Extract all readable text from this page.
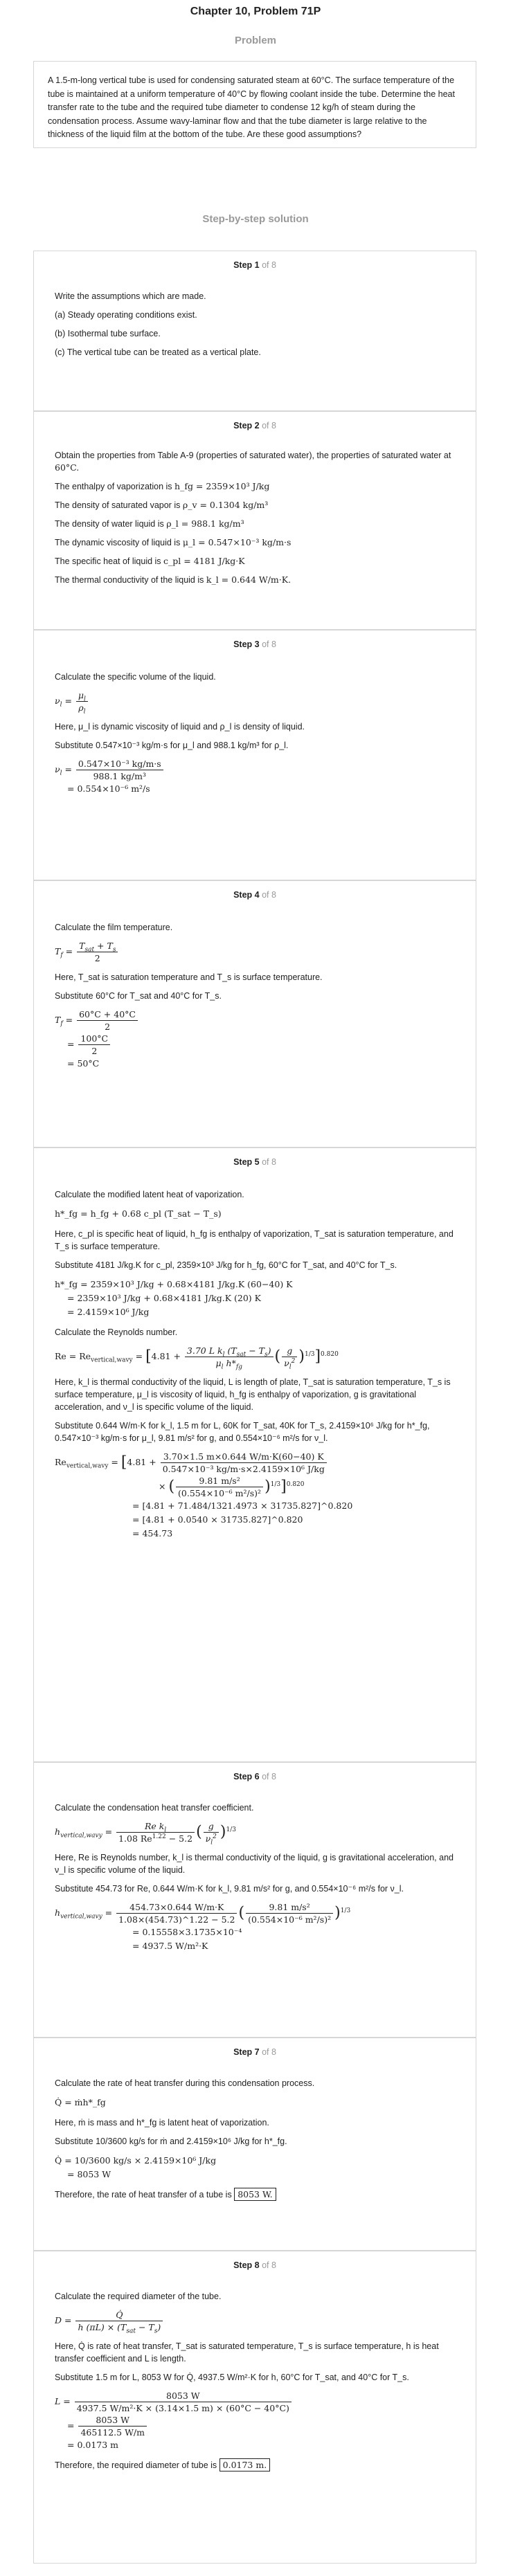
Chapter 10, Problem 71P
Problem
A 1.5-m-long vertical tube is used for condensing saturated steam at 60°C. The surface temperature of the tube is maintained at a uniform temperature of 40°C by flowing coolant inside the tube. Determine the heat transfer rate to the tube and the required tube diameter to condense 12 kg/h of steam during the condensation process. Assume wavy-laminar flow and that the tube diameter is large relative to the thickness of the liquid film at the bottom of the tube. Are these good assumptions?
Step-by-step solution
Step 1 of 8

Write the assumptions which are made.

(a) Steady operating conditions exist.

(b) Isothermal tube surface.

(c) The vertical tube can be treated as a vertical plate.

Step 2 of 8

Obtain the properties from Table A-9 (properties of saturated water), the properties of saturated water at 60°C.

The enthalpy of vaporization is h_fg = 2359×10³ J/kg

The density of saturated vapor is ρ_v = 0.1304 kg/m³

The density of water liquid is ρ_l = 988.1 kg/m³

The dynamic viscosity of liquid is μ_l = 0.547×10⁻³ kg/m·s

The specific heat of liquid is c_pl = 4181 J/kg·K

The thermal conductivity of the liquid is k_l = 0.644 W/m·K.

Step 3 of 8

Calculate the specific volume of the liquid.

$\nu_l = \frac{\mu_l}{\rho_l}$

Here, μ_l is dynamic viscosity of liquid and ρ_l is density of liquid.

Substitute 0.547×10⁻³ kg/m·s for μ_l and 988.1 kg/m³ for ρ_l.

$\nu_l = \frac{\text{0.547×10⁻³ kg/m·s}}{\text{988.1 kg/m³}}$
= 0.554×10⁻⁶ m²/s
Step 4 of 8

Calculate the film temperature.

$T_f = \frac{T_{sat} + T_s}{2}$

Here, T_sat is saturation temperature and T_s is surface temperature.

Substitute 60°C for T_sat and 40°C for T_s.

$T_f = \frac{60^\circ C + 40^\circ C}{2}$
= $\frac{100^\circ C}{2}$
= 50°C
Step 5 of 8

Calculate the modified latent heat of vaporization.

h*_fg = h_fg + 0.68 c_pl (T_sat − T_s)

Here, c_pl is specific heat of liquid, h_fg is enthalpy of vaporization, T_sat is saturation temperature, and T_s is surface temperature.

Substitute 4181 J/kg.K for c_pl, 2359×10³ J/kg for h_fg, 60°C for T_sat, and 40°C for T_s.

h*_fg = 2359×10³ J/kg + 0.68×4181 J/kg.K (60−40) K
= 2359×10³ J/kg + 0.68×4181 J/kg.K (20) K
= 2.4159×10⁶ J/kg

Calculate the Reynolds number.

$Re = Re_{vertical,wavy} = [4.81 + \frac{3.70 L k_l (T_{sat} - T_s)}{\mu_l h*_{fg}}$ ( $\frac{g}{\nu_l^2} )^{1/3}]^{0.820}$

Here, k_l is thermal conductivity of the liquid, L is length of plate, T_sat is saturation temperature, T_s is surface temperature, μ_l is viscosity of liquid, h_fg is enthalpy of vaporization, g is gravitational acceleration, and ν_l is specific volume of the liquid.

Substitute 0.644 W/m·K for k_l, 1.5 m for L, 60K for T_sat, 40K for T_s, 2.4159×10⁶ J/kg for h*_fg, 0.547×10⁻³ kg/m·s for μ_l, 9.81 m/s² for g, and 0.554×10⁻⁶ m²/s for ν_l.

$Re_{vertical,wavy} = [4.81 + \frac{3.70\times 1.5 m\times 0.644 W/m\cdot K(60-40) K}{\text{0.547×10⁻³ kg/m·s×2.4159×10⁶ J/kg}}$
× ( $\frac{\text{9.81 m/s²}}{\text{(0.554×10⁻⁶ m²/s)²}} )^{1/3}]^{0.820}$
= [4.81 + 71.484/1321.4973 × 31735.827]^0.820
= [4.81 + 0.0540 × 31735.827]^0.820
= 454.73
Step 6 of 8

Calculate the condensation heat transfer coefficient.

$h_{vertical,wavy} = \frac{Re k_l}{1.08 Re^{1.22} - 5.2}$ ( $\frac{g}{\nu_l^2} )^{1/3}$

Here, Re is Reynolds number, k_l is thermal conductivity of the liquid, g is gravitational acceleration, and ν_l is specific volume of the liquid.

Substitute 454.73 for Re, 0.644 W/m·K for k_l, 9.81 m/s² for g, and 0.554×10⁻⁶ m²/s for ν_l.

$h_{vertical,wavy} = \frac{454.73\times 0.644 W/m\cdot K}{1.08\times(454.73)\^{}1.22 - 5.2}$ ( $\frac{\text{9.81 m/s²}}{\text{(0.554×10⁻⁶ m²/s)²}} )^{1/3}$
= 0.15558×3.1735×10⁻⁴
= 4937.5 W/m²·K
Step 7 of 8

Calculate the rate of heat transfer during this condensation process.

Q̇ = ṁh*_fg

Here, ṁ is mass and h*_fg is latent heat of vaporization.

Substitute 10/3600 kg/s for ṁ and 2.4159×10⁶ J/kg for h*_fg.

Q̇ = 10/3600 kg/s × 2.4159×10⁶ J/kg
= 8053 W

Therefore, the rate of heat transfer of a tube is 8053 W.

Step 8 of 8

Calculate the required diameter of the tube.

$D = \frac{Q̇}{h (\pi L) \times (T_{sat} - T_s)}$

Here, Q̇ is rate of heat transfer, T_sat is saturated temperature, T_s is surface temperature, h is heat transfer coefficient and L is length.

Substitute 1.5 m for L, 8053 W for Q̇, 4937.5 W/m²·K for h, 60°C for T_sat, and 40°C for T_s.

$L = \frac{8053 W}{\text{4937.5 W/m²·K × (3.14×1.5 m) × (60°C − 40°C)}}$
= $\frac{8053 W}{465112.5 W/m}$
= 0.0173 m

Therefore, the required diameter of tube is 0.0173 m.
